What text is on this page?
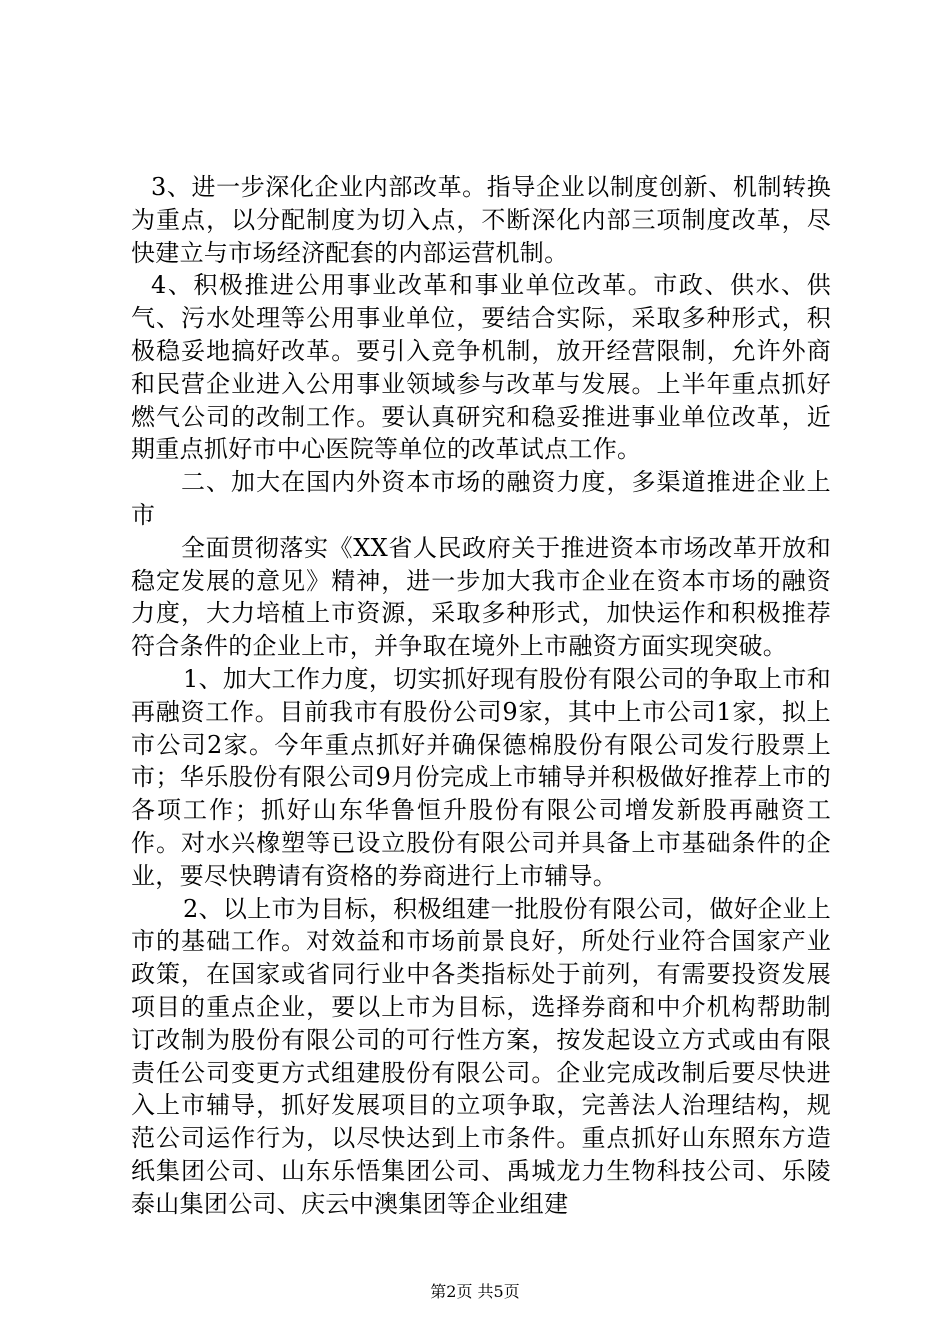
3、进一步深化企业内部改革。指导企业以制度创新、机制转换为重点，以分配制度为切入点，不断深化内部三项制度改革，尽快建立与市场经济配套的内部运营机制。

4、积极推进公用事业改革和事业单位改革。市政、供水、供气、污水处理等公用事业单位，要结合实际，采取多种形式，积极稳妥地搞好改革。要引入竞争机制，放开经营限制，允许外商和民营企业进入公用事业领域参与改革与发展。上半年重点抓好燃气公司的改制工作。要认真研究和稳妥推进事业单位改革，近期重点抓好市中心医院等单位的改革试点工作。

二、加大在国内外资本市场的融资力度，多渠道推进企业上市

全面贯彻落实《XX省人民政府关于推进资本市场改革开放和稳定发展的意见》精神，进一步加大我市企业在资本市场的融资力度，大力培植上市资源，采取多种形式，加快运作和积极推荐符合条件的企业上市，并争取在境外上市融资方面实现突破。

1、加大工作力度，切实抓好现有股份有限公司的争取上市和再融资工作。目前我市有股份公司9家，其中上市公司1家，拟上市公司2家。今年重点抓好并确保德棉股份有限公司发行股票上市；华乐股份有限公司9月份完成上市辅导并积极做好推荐上市的各项工作；抓好山东华鲁恒升股份有限公司增发新股再融资工作。对水兴橡塑等已设立股份有限公司并具备上市基础条件的企业，要尽快聘请有资格的券商进行上市辅导。

2、以上市为目标，积极组建一批股份有限公司，做好企业上市的基础工作。对效益和市场前景良好，所处行业符合国家产业政策，在国家或省同行业中各类指标处于前列，有需要投资发展项目的重点企业，要以上市为目标，选择券商和中介机构帮助制订改制为股份有限公司的可行性方案，按发起设立方式或由有限责任公司变更方式组建股份有限公司。企业完成改制后要尽快进入上市辅导，抓好发展项目的立项争取，完善法人治理结构，规范公司运作行为，以尽快达到上市条件。重点抓好山东照东方造纸集团公司、山东乐悟集团公司、禹城龙力生物科技公司、乐陵泰山集团公司、庆云中澳集团等企业组建

第2页 共5页
